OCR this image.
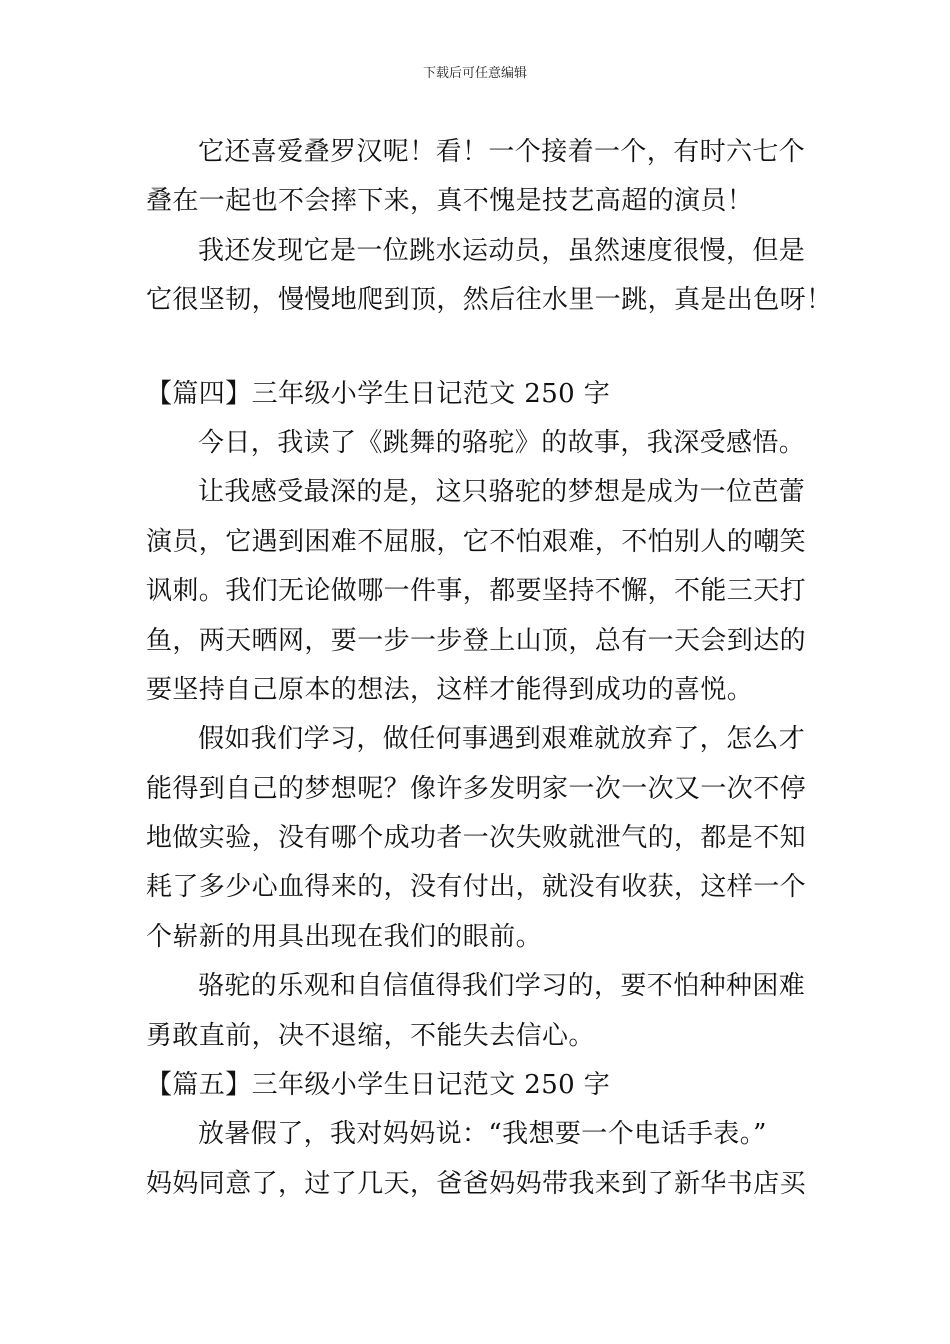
下载后可任意编辑
它还喜爱叠罗汉呢！看！一个接着一个，有时六七个
叠在一起也不会摔下来，真不愧是技艺高超的演员！
我还发现它是一位跳水运动员，虽然速度很慢，但是
它很坚韧，慢慢地爬到顶，然后往水里一跳，真是出色呀！
【篇四】三年级小学生日记范文 250 字
今日，我读了《跳舞的骆驼》的故事，我深受感悟。
让我感受最深的是，这只骆驼的梦想是成为一位芭蕾
演员，它遇到困难不屈服，它不怕艰难，不怕别人的嘲笑
讽刺。我们无论做哪一件事，都要坚持不懈，不能三天打
鱼，两天晒网，要一步一步登上山顶，总有一天会到达的
要坚持自己原本的想法，这样才能得到成功的喜悦。
假如我们学习，做任何事遇到艰难就放弃了，怎么才
能得到自己的梦想呢？像许多发明家一次一次又一次不停
地做实验，没有哪个成功者一次失败就泄气的，都是不知
耗了多少心血得来的，没有付出，就没有收获，这样一个
个崭新的用具出现在我们的眼前。
骆驼的乐观和自信值得我们学习的，要不怕种种困难
勇敢直前，决不退缩，不能失去信心。
【篇五】三年级小学生日记范文 250 字
放暑假了，我对妈妈说：“我想要一个电话手表。”
妈妈同意了，过了几天，爸爸妈妈带我来到了新华书店买
